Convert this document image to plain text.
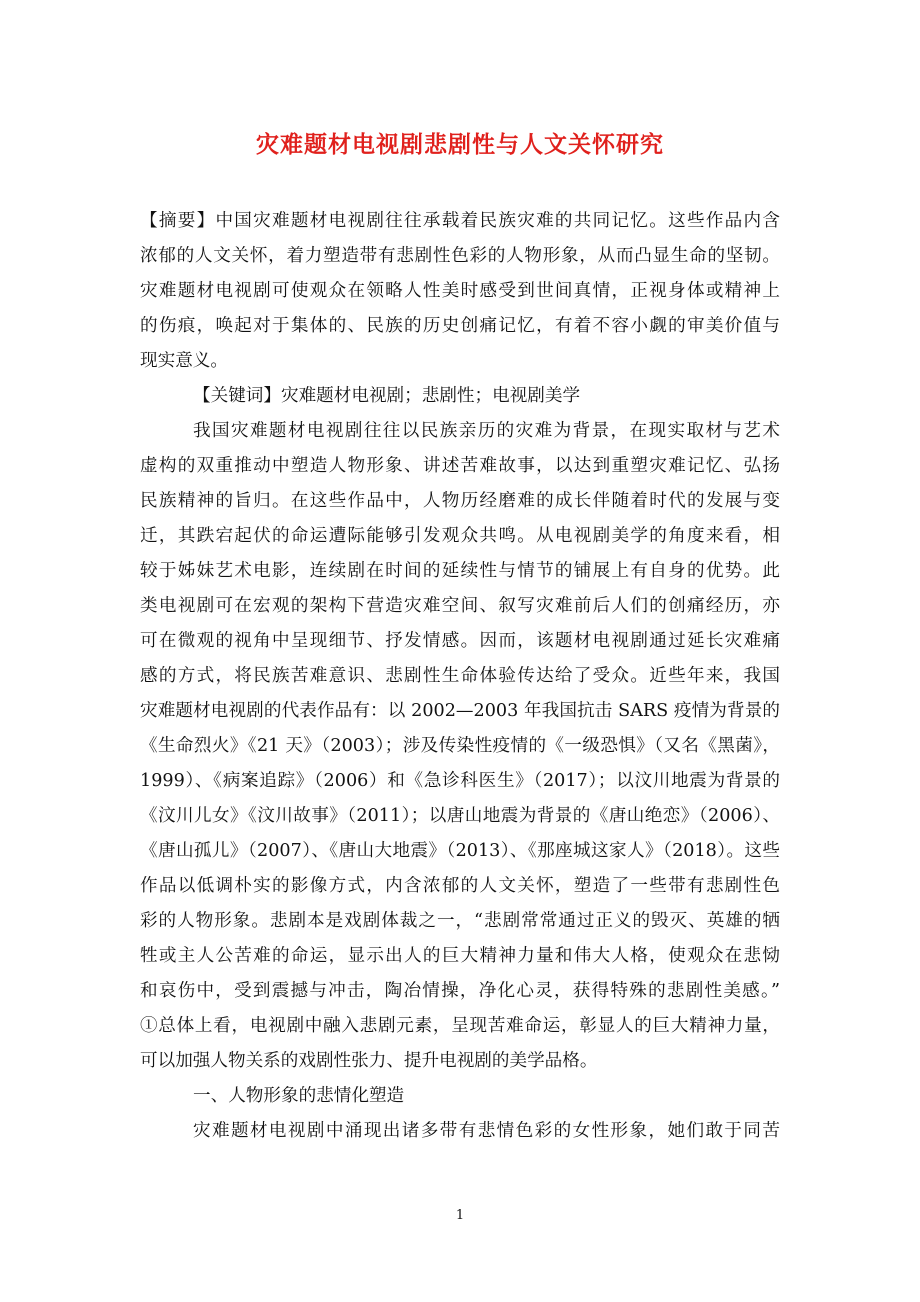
灾难题材电视剧悲剧性与人文关怀研究
【摘要】中国灾难题材电视剧往往承载着民族灾难的共同记忆。这些作品内含
浓郁的人文关怀，着力塑造带有悲剧性色彩的人物形象，从而凸显生命的坚韧。
灾难题材电视剧可使观众在领略人性美时感受到世间真情，正视身体或精神上
的伤痕，唤起对于集体的、民族的历史创痛记忆，有着不容小觑的审美价值与
现实意义。
【关键词】灾难题材电视剧；悲剧性；电视剧美学
我国灾难题材电视剧往往以民族亲历的灾难为背景，在现实取材与艺术
虚构的双重推动中塑造人物形象、讲述苦难故事，以达到重塑灾难记忆、弘扬
民族精神的旨归。在这些作品中，人物历经磨难的成长伴随着时代的发展与变
迁，其跌宕起伏的命运遭际能够引发观众共鸣。从电视剧美学的角度来看，相
较于姊妹艺术电影，连续剧在时间的延续性与情节的铺展上有自身的优势。此
类电视剧可在宏观的架构下营造灾难空间、叙写灾难前后人们的创痛经历，亦
可在微观的视角中呈现细节、抒发情感。因而，该题材电视剧通过延长灾难痛
感的方式，将民族苦难意识、悲剧性生命体验传达给了受众。近些年来，我国
灾难题材电视剧的代表作品有：以 2002—2003 年我国抗击 SARS 疫情为背景的
《生命烈火》《21 天》（2003）；涉及传染性疫情的《一级恐惧》（又名《黑菌》，
1999）、《病案追踪》（2006）和《急诊科医生》（2017）；以汶川地震为背景的
《汶川儿女》《汶川故事》（2011）；以唐山地震为背景的《唐山绝恋》（2006）、
《唐山孤儿》（2007）、《唐山大地震》（2013）、《那座城这家人》（2018）。这些
作品以低调朴实的影像方式，内含浓郁的人文关怀，塑造了一些带有悲剧性色
彩的人物形象。悲剧本是戏剧体裁之一，“悲剧常常通过正义的毁灭、英雄的牺
牲或主人公苦难的命运，显示出人的巨大精神力量和伟大人格，使观众在悲恸
和哀伤中，受到震撼与冲击，陶冶情操，净化心灵，获得特殊的悲剧性美感。”
①总体上看，电视剧中融入悲剧元素，呈现苦难命运，彰显人的巨大精神力量，
可以加强人物关系的戏剧性张力、提升电视剧的美学品格。
一、人物形象的悲情化塑造
灾难题材电视剧中涌现出诸多带有悲情色彩的女性形象，她们敢于同苦
1
